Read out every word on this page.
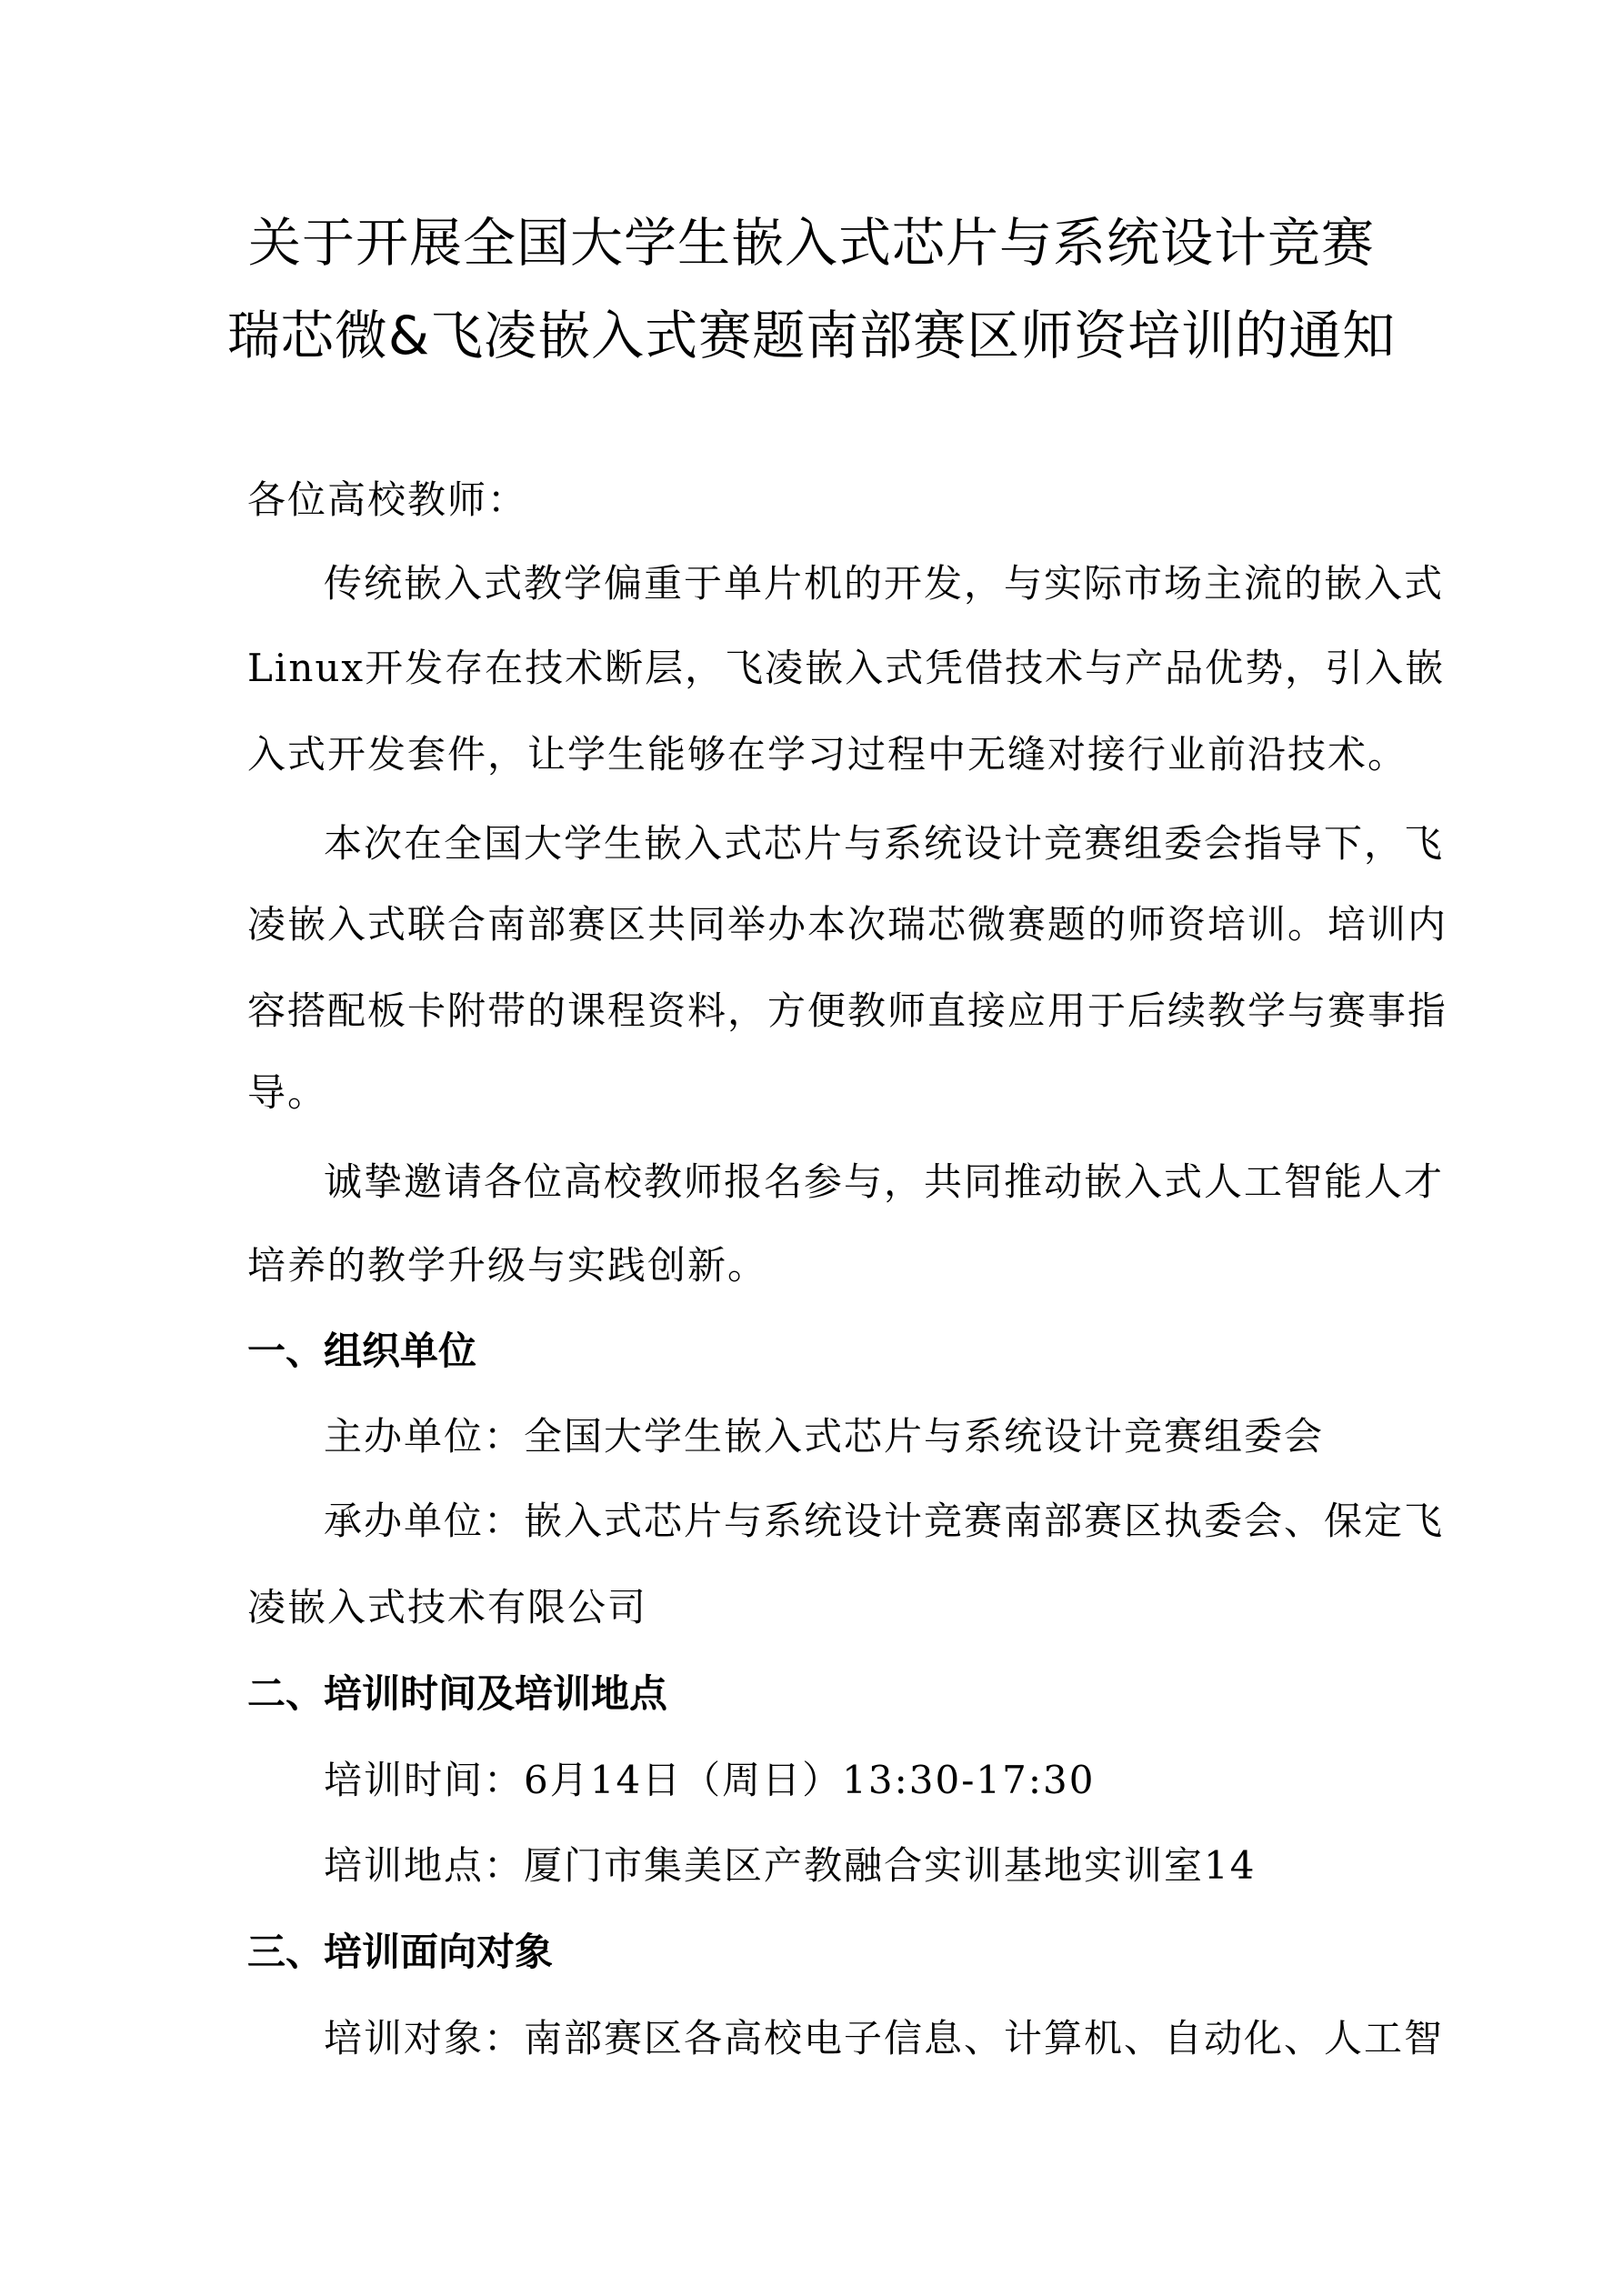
关于开展全国大学生嵌入式芯片与系统设计竞赛
瑞芯微&飞凌嵌入式赛题南部赛区师资培训的通知
各位高校教师：
传统嵌入式教学偏重于单片机的开发，与实际市场主流的嵌入式
Linux开发存在技术断层，飞凌嵌入式凭借技术与产品优势，引入嵌
入式开发套件，让学生能够在学习过程中无缝对接行业前沿技术。
本次在全国大学生嵌入式芯片与系统设计竞赛组委会指导下，飞
凌嵌入式联合南部赛区共同举办本次瑞芯微赛题的师资培训。培训内
容搭配板卡附带的课程资料，方便教师直接应用于后续教学与赛事指
导。
诚挚邀请各位高校教师报名参与，共同推动嵌入式人工智能人才
培养的教学升级与实践创新。
一、组织单位
主办单位：全国大学生嵌入式芯片与系统设计竞赛组委会
承办单位：嵌入式芯片与系统设计竞赛南部赛区执委会、保定飞
凌嵌入式技术有限公司
二、培训时间及培训地点
培训时间：6月14日（周日）13:30-17:30
培训地点：厦门市集美区产教融合实训基地实训室14
三、培训面向对象
培训对象：南部赛区各高校电子信息、计算机、自动化、人工智
